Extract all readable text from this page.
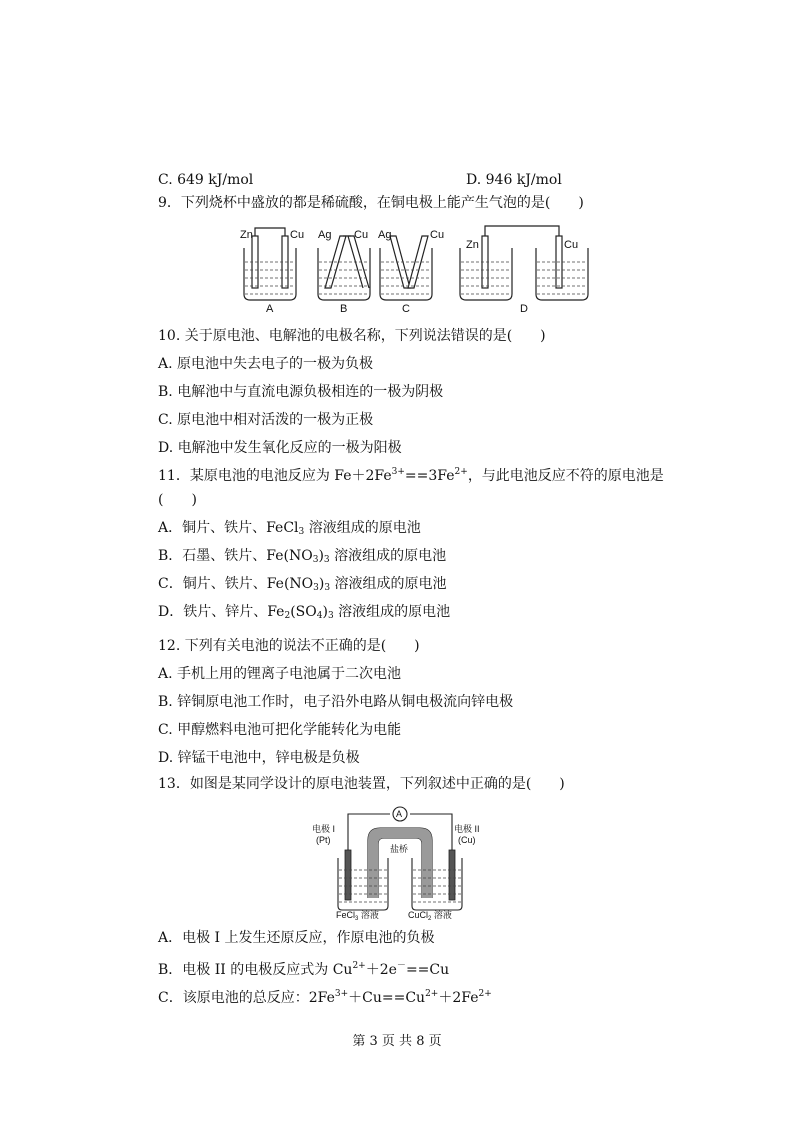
C. 649 kJ/mol	D. 946 kJ/mol
9．下列烧杯中盛放的都是稀硫酸，在铜电极上能产生气泡的是(　　)
Zn	Cu Ag Cu Ag	Cu
Zn	Cu
A	B	C	D
10. 关于原电池、电解池的电极名称，下列说法错误的是(　　)
A. 原电池中失去电子的一极为负极
B. 电解池中与直流电源负极相连的一极为阴极
C. 原电池中相对活泼的一极为正极
D. 电解池中发生氧化反应的一极为阳极
11．某原电池的电池反应为 $Fe+2Fe^{3+}==3Fe^{2+}$，与此电池反应不符的原电池是
(　　)
A．铜片、铁片、FeCl$_3$ 溶液组成的原电池
B．石墨、铁片、$Fe(NO_3)_3$ 溶液组成的原电池
C．铜片、铁片、$Fe(NO_3)_3$ 溶液组成的原电池
D．铁片、锌片、$Fe_2(SO_4)_3$ 溶液组成的原电池
12. 下列有关电池的说法不正确的是(　　)
A. 手机上用的锂离子电池属于二次电池
B. 锌铜原电池工作时，电子沿外电路从铜电极流向锌电极
C. 甲醇燃料电池可把化学能转化为电能
D. 锌锰干电池中，锌电极是负极
13．如图是某同学设计的原电池装置，下列叙述中正确的是(　　)
A
电极 I
(Pt)
电极 II
(Cu)
盐桥
FeCl$_3$ 溶液	CuCl$_2$ 溶液
A．电极 I 上发生还原反应，作原电池的负极
B．电极 II 的电极反应式为 $Cu^{2+}+2e^-==Cu$
C．该原电池的总反应：$2Fe^{3+}+Cu==Cu^{2+}+2Fe^{2+}$
第 3 页 共 8 页
